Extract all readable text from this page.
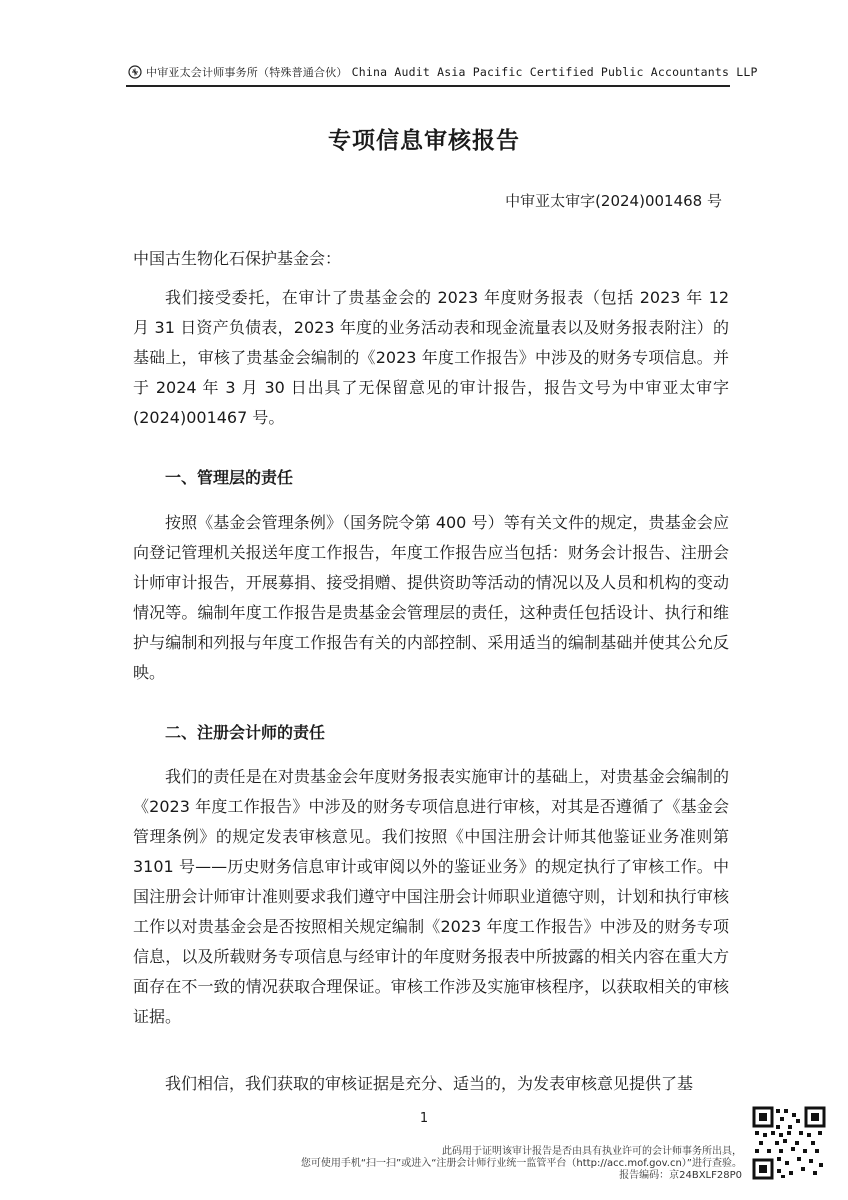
中审亚太会计师事务所（特殊普通合伙） China Audit Asia Pacific Certified Public Accountants LLP
专项信息审核报告
中审亚太审字(2024)001468 号
中国古生物化石保护基金会：
我们接受委托，在审计了贵基金会的 2023 年度财务报表（包括 2023 年 12 月 31 日资产负债表，2023 年度的业务活动表和现金流量表以及财务报表附注）的基础上，审核了贵基金会编制的《2023 年度工作报告》中涉及的财务专项信息。并于 2024 年 3 月 30 日出具了无保留意见的审计报告，报告文号为中审亚太审字 (2024)001467 号。
一、管理层的责任
按照《基金会管理条例》（国务院令第 400 号）等有关文件的规定，贵基金会应向登记管理机关报送年度工作报告，年度工作报告应当包括：财务会计报告、注册会计师审计报告，开展募捐、接受捐赠、提供资助等活动的情况以及人员和机构的变动情况等。编制年度工作报告是贵基金会管理层的责任，这种责任包括设计、执行和维护与编制和列报与年度工作报告有关的内部控制、采用适当的编制基础并使其公允反映。
二、注册会计师的责任
我们的责任是在对贵基金会年度财务报表实施审计的基础上，对贵基金会编制的《2023 年度工作报告》中涉及的财务专项信息进行审核，对其是否遵循了《基金会管理条例》的规定发表审核意见。我们按照《中国注册会计师其他鉴证业务准则第 3101 号——历史财务信息审计或审阅以外的鉴证业务》的规定执行了审核工作。中国注册会计师审计准则要求我们遵守中国注册会计师职业道德守则，计划和执行审核工作以对贵基金会是否按照相关规定编制《2023 年度工作报告》中涉及的财务专项信息，以及所载财务专项信息与经审计的年度财务报表中所披露的相关内容在重大方面存在不一致的情况获取合理保证。审核工作涉及实施审核程序，以获取相关的审核证据。
我们相信，我们获取的审核证据是充分、适当的，为发表审核意见提供了基
1
此码用于证明该审计报告是否由具有执业许可的会计师事务所出具，
您可使用手机“扫一扫”或进入“注册会计师行业统一监管平台（http://acc.mof.gov.cn）”进行查验。
报告编码：京24BXLF28P0
